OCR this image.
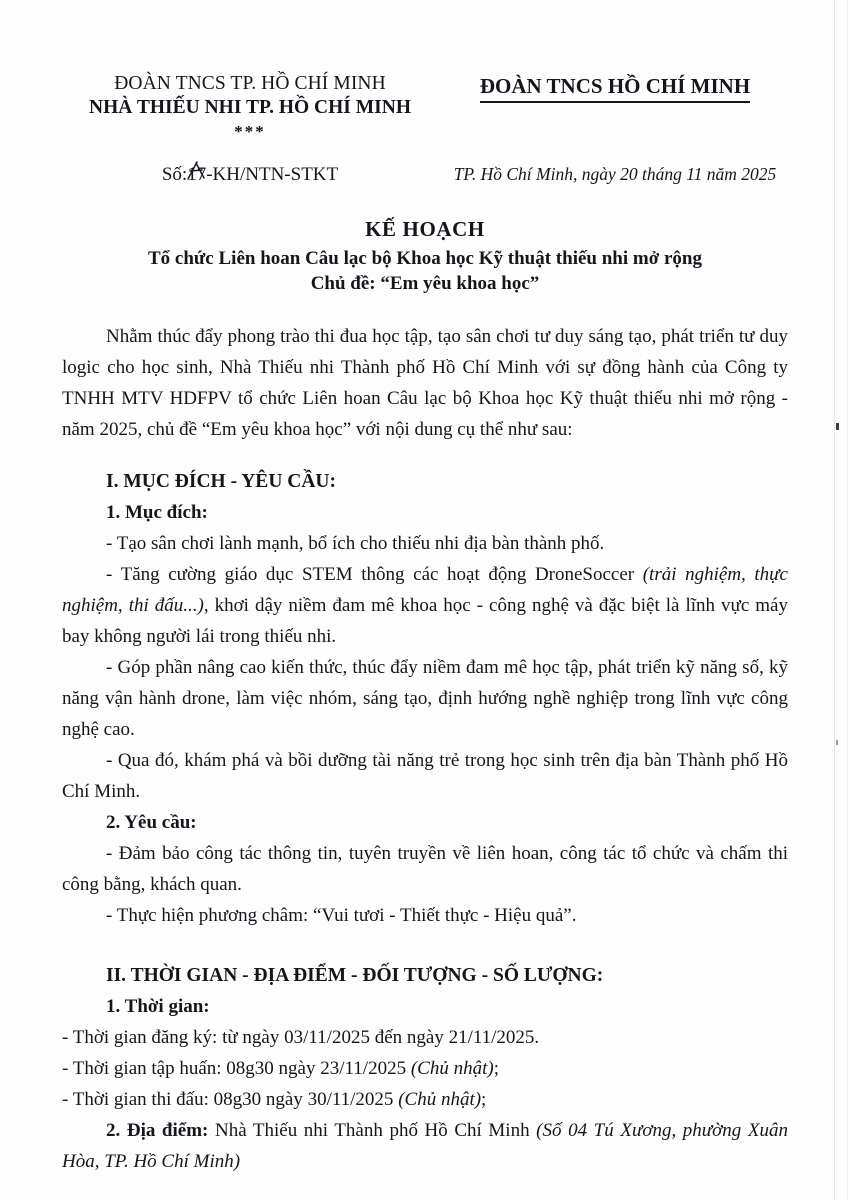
ĐOÀN TNCS TP. HỒ CHÍ MINH
NHÀ THIẾU NHI TP. HỒ CHÍ MINH
***
ĐOÀN TNCS HỒ CHÍ MINH
Số:17
-KH/NTN-STKT	TP. Hồ Chí Minh, ngày 20 tháng 11 năm 2025
KẾ HOẠCH
Tổ chức Liên hoan Câu lạc bộ Khoa học Kỹ thuật thiếu nhi mở rộng
Chủ đề: “Em yêu khoa học”

Nhằm thúc đẩy phong trào thi đua học tập, tạo sân chơi tư duy sáng tạo, phát triển tư duy logic cho học sinh, Nhà Thiếu nhi Thành phố Hồ Chí Minh với sự đồng hành của Công ty TNHH MTV HDFPV tổ chức Liên hoan Câu lạc bộ Khoa học Kỹ thuật thiếu nhi mở rộng - năm 2025, chủ đề “Em yêu khoa học” với nội dung cụ thể như sau:

I. MỤC ĐÍCH - YÊU CẦU:

1. Mục đích:

- Tạo sân chơi lành mạnh, bổ ích cho thiếu nhi địa bàn thành phố.

- Tăng cường giáo dục STEM thông các hoạt động DroneSoccer (trải nghiệm, thực nghiệm, thi đấu...), khơi dậy niềm đam mê khoa học - công nghệ và đặc biệt là lĩnh vực máy bay không người lái trong thiếu nhi.

- Góp phần nâng cao kiến thức, thúc đẩy niềm đam mê học tập, phát triển kỹ năng số, kỹ năng vận hành drone, làm việc nhóm, sáng tạo, định hướng nghề nghiệp trong lĩnh vực công nghệ cao.

- Qua đó, khám phá và bồi dưỡng tài năng trẻ trong học sinh trên địa bàn Thành phố Hồ Chí Minh.

2. Yêu cầu:

- Đảm bảo công tác thông tin, tuyên truyền về liên hoan, công tác tổ chức và chấm thi công bằng, khách quan.

- Thực hiện phương châm: “Vui tươi - Thiết thực - Hiệu quả”.

II. THỜI GIAN - ĐỊA ĐIỂM - ĐỐI TƯỢNG - SỐ LƯỢNG:

1. Thời gian:

- Thời gian đăng ký: từ ngày 03/11/2025 đến ngày 21/11/2025.

- Thời gian tập huấn: 08g30 ngày 23/11/2025 (Chủ nhật);

- Thời gian thi đấu: 08g30 ngày 30/11/2025 (Chủ nhật);

2. Địa điểm: Nhà Thiếu nhi Thành phố Hồ Chí Minh (Số 04 Tú Xương, phường Xuân Hòa, TP. Hồ Chí Minh)
